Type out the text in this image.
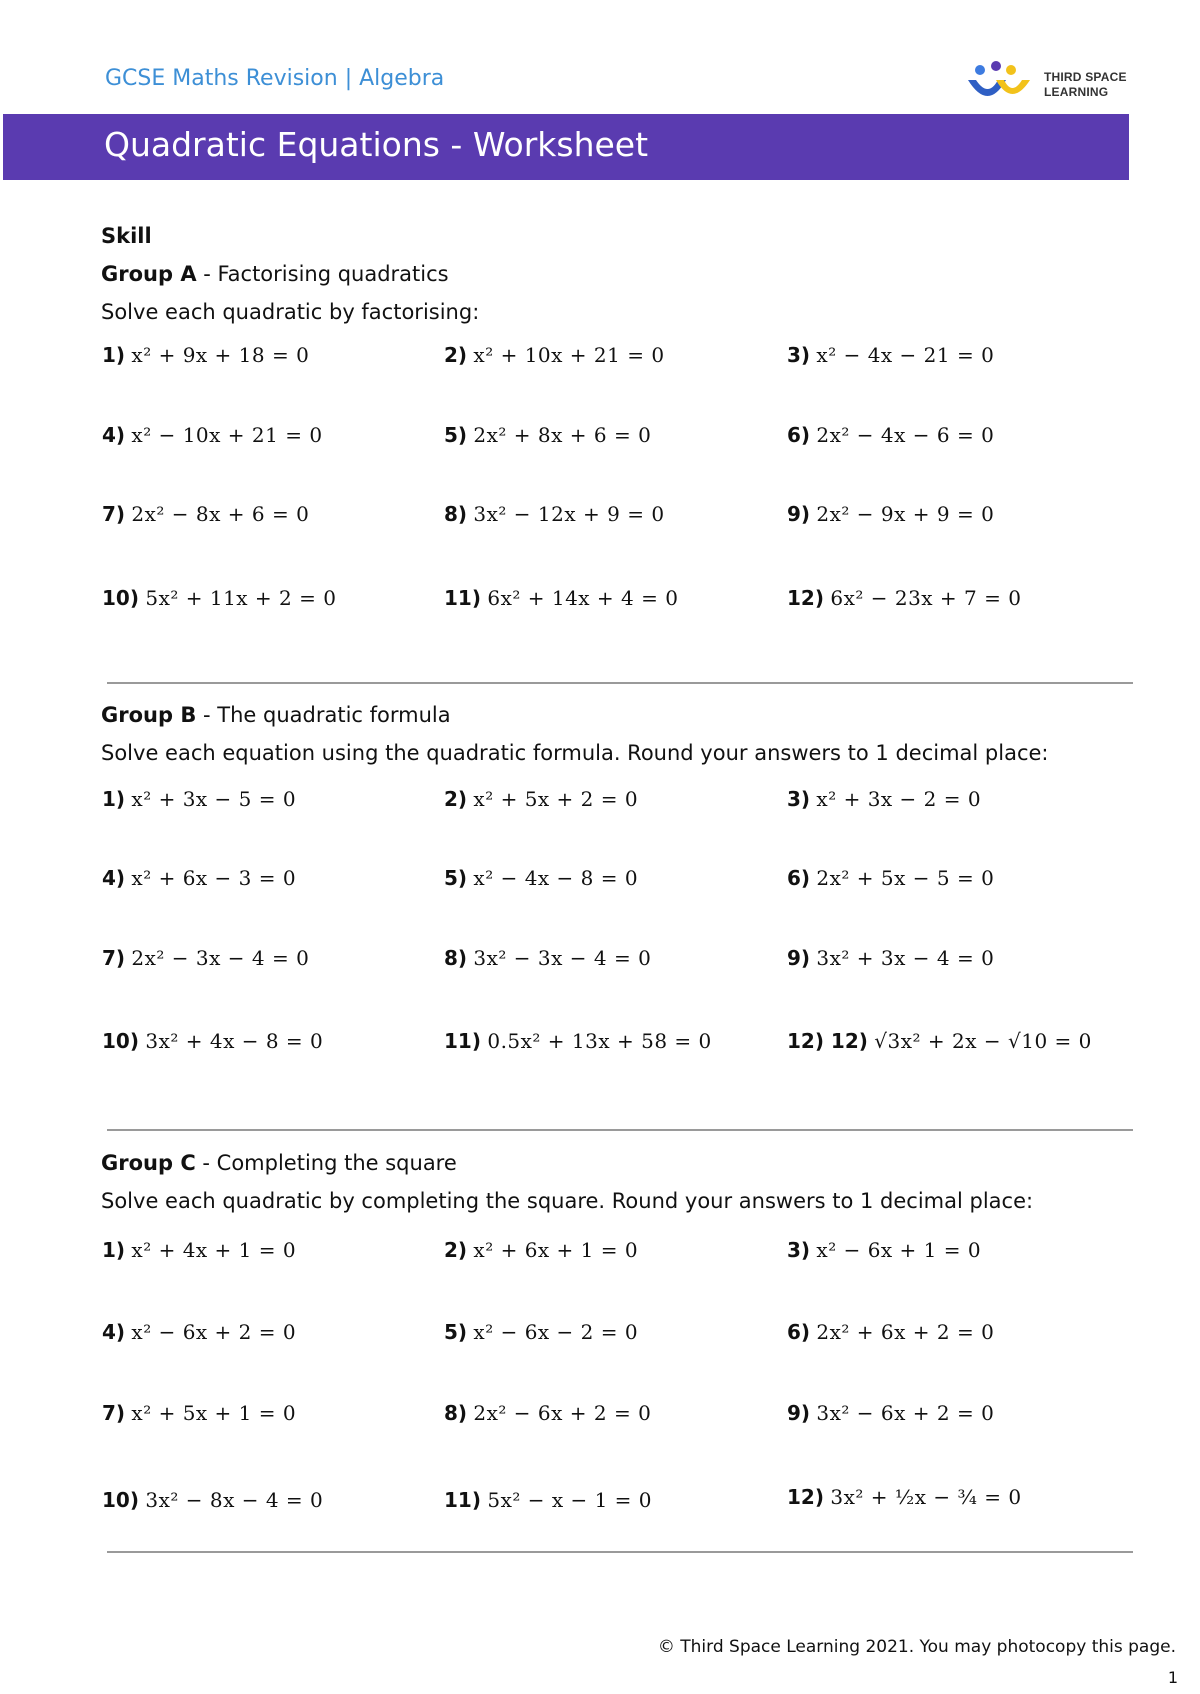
GCSE Maths Revision | Algebra	THIRD SPACE
LEARNING
Quadratic Equations - Worksheet
Skill
Group A - Factorising quadratics
Solve each quadratic by factorising:
1) x² + 9x + 18 = 0	2) x² + 10x + 21 = 0	3) x² − 4x − 21 = 0
4) x² − 10x + 21 = 0	5) 2x² + 8x + 6 = 0	6) 2x² − 4x − 6 = 0
7) 2x² − 8x + 6 = 0	8) 3x² − 12x + 9 = 0	9) 2x² − 9x + 9 = 0
10) 5x² + 11x + 2 = 0	11) 6x² + 14x + 4 = 0	12) 6x² − 23x + 7 = 0
Group B - The quadratic formula
Solve each equation using the quadratic formula. Round your answers to 1 decimal place:
1) x² + 3x − 5 = 0	2) x² + 5x + 2 = 0	3) x² + 3x − 2 = 0
4) x² + 6x − 3 = 0	5) x² − 4x − 8 = 0	6) 2x² + 5x − 5 = 0
7) 2x² − 3x − 4 = 0	8) 3x² − 3x − 4 = 0	9) 3x² + 3x − 4 = 0
10) 3x² + 4x − 8 = 0	11) 0.5x² + 13x + 58 = 0	12) 12) √3x² + 2x − √10 = 0
Group C - Completing the square
Solve each quadratic by completing the square. Round your answers to 1 decimal place:
1) x² + 4x + 1 = 0	2) x² + 6x + 1 = 0	3) x² − 6x + 1 = 0
4) x² − 6x + 2 = 0	5) x² − 6x − 2 = 0	6) 2x² + 6x + 2 = 0
7) x² + 5x + 1 = 0	8) 2x² − 6x + 2 = 0	9) 3x² − 6x + 2 = 0
10) 3x² − 8x − 4 = 0	11) 5x² − x − 1 = 0	12) 3x² + ½x − ¾ = 0
© Third Space Learning 2021. You may photocopy this page.
1
